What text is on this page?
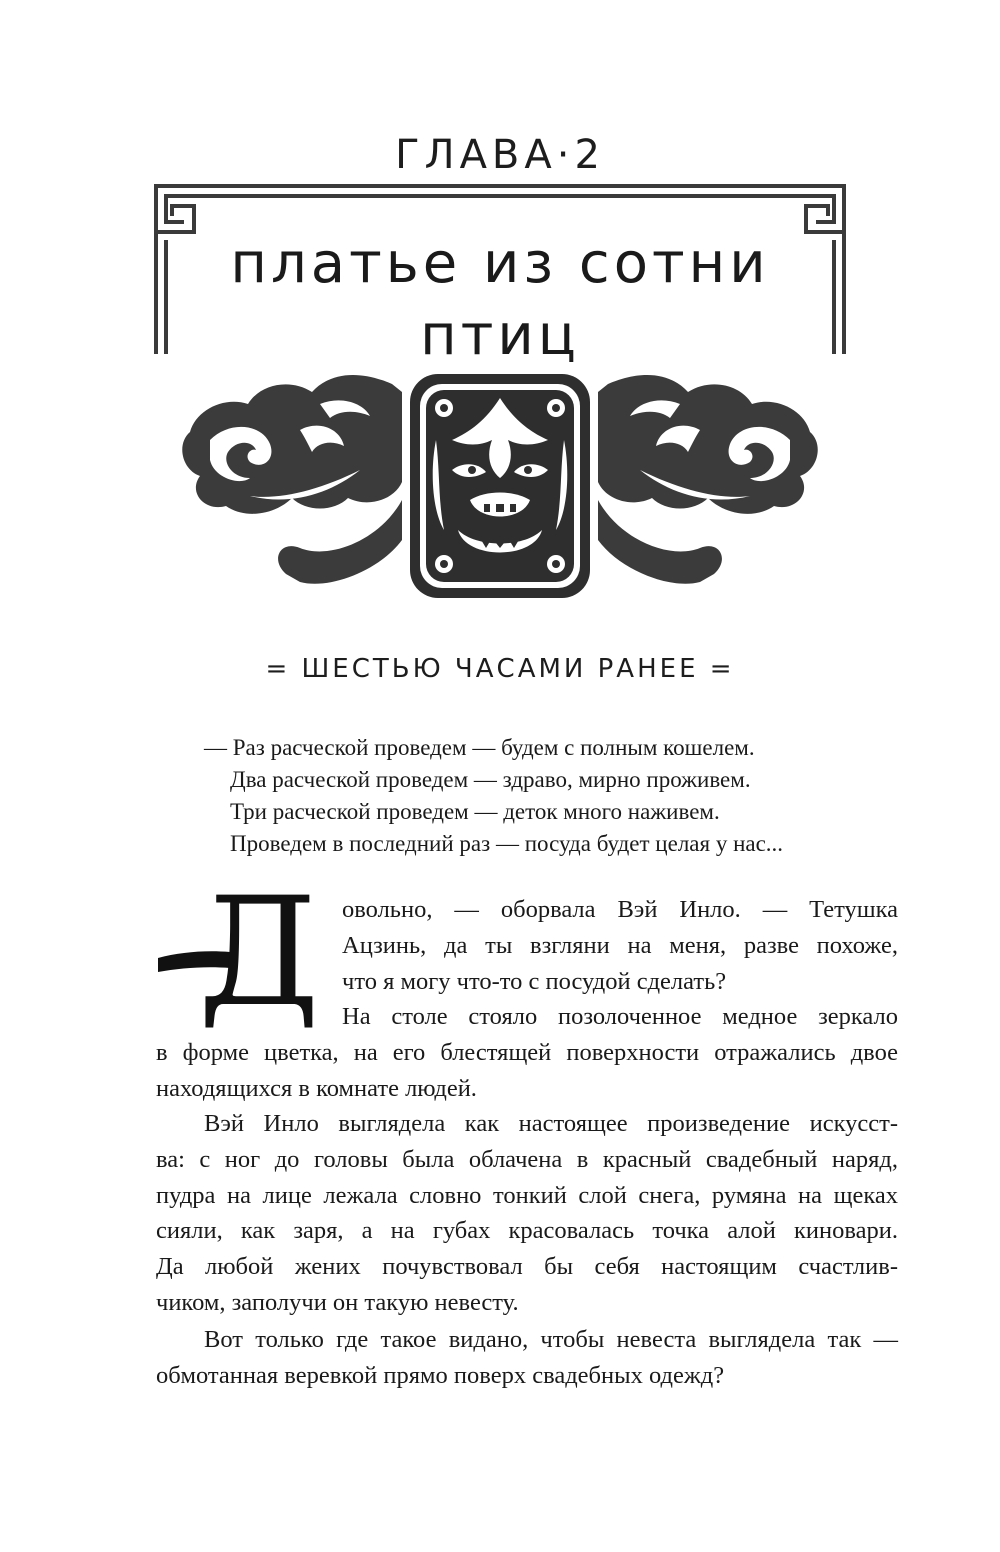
ГЛАВА·2
платье из сотни
птиц
= ШЕСТЬЮ ЧАСАМИ РАНЕЕ =
— Раз расческой проведем — будем с полным кошелем.
Два расческой проведем — здраво, мирно проживем.
Три расческой проведем — деток много наживем.
Проведем в последний раз — посуда будет целая у нас...
Д овольно, — оборвала Вэй Инло. — Тетушка
Ацзинь, да ты взгляни на меня, разве похоже,
что я могу что-то с посудой сделать?
На столе стояло позолоченное медное зеркало
в форме цветка, на его блестящей поверхности отражались двое
находящихся в комнате людей.
Вэй Инло выглядела как настоящее произведение искусст-
ва: с ног до головы была облачена в красный свадебный наряд,
пудра на лице лежала словно тонкий слой снега, румяна на щеках
сияли, как заря, а на губах красовалась точка алой киновари.
Да любой жених почувствовал бы себя настоящим счастлив-
чиком, заполучи он такую невесту.
Вот только где такое видано, чтобы невеста выглядела так —
обмотанная веревкой прямо поверх свадебных одежд?
